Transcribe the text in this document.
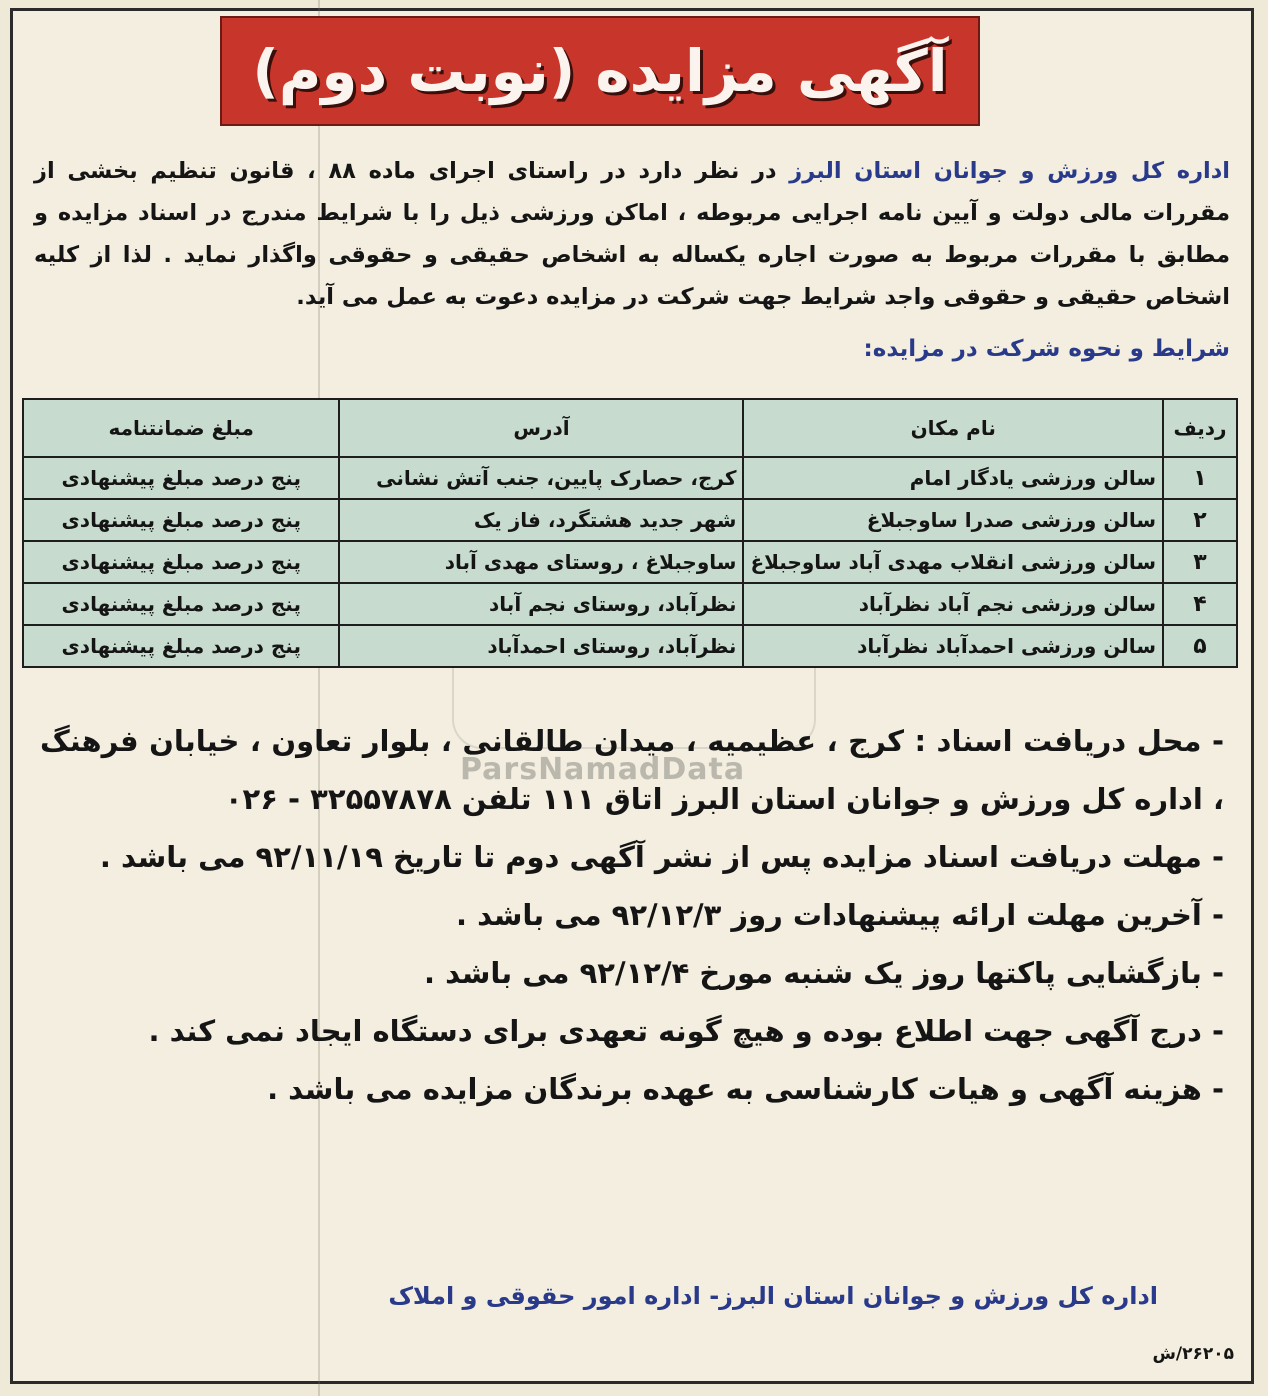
آگهی مزایده (نوبت دوم)
اداره کل ورزش و جوانان استان البرز در نظر دارد در راستای اجرای ماده ۸۸ ، قانون تنظیم بخشی از مقررات مالی دولت و آیین نامه اجرایی مربوطه ، اماکن ورزشی ذیل را با شرایط مندرج در اسناد مزایده و مطابق با مقررات مربوط به صورت اجاره یکساله به اشخاص حقیقی و حقوقی واگذار نماید . لذا از کلیه اشخاص حقیقی و حقوقی واجد شرایط جهت شرکت در مزایده دعوت به عمل می آید.
شرایط و نحوه شرکت در مزایده:
ردیف	نام مکان	آدرس	مبلغ ضمانتنامه
۱	سالن ورزشی یادگار امام	کرج، حصارک پایین، جنب آتش نشانی	پنج درصد مبلغ پیشنهادی
۲	سالن ورزشی صدرا ساوجبلاغ	شهر جدید هشتگرد، فاز یک	پنج درصد مبلغ پیشنهادی
۳	سالن ورزشی انقلاب مهدی آباد ساوجبلاغ	ساوجبلاغ ، روستای مهدی آباد	پنج درصد مبلغ پیشنهادی
۴	سالن ورزشی نجم آباد نظرآباد	نظرآباد، روستای نجم آباد	پنج درصد مبلغ پیشنهادی
۵	سالن ورزشی احمدآباد نظرآباد	نظرآباد، روستای احمدآباد	پنج درصد مبلغ پیشنهادی
ParsNamadData

- محل دریافت اسناد : کرج ، عظیمیه ، میدان طالقانی ، بلوار تعاون ، خیابان فرهنگ ، اداره کل ورزش و جوانان استان البرز اتاق ۱۱۱ تلفن ۳۲۵۵۷۸۷۸ - ۰۲۶

- مهلت دریافت اسناد مزایده پس از نشر آگهی دوم تا تاریخ ۹۲/۱۱/۱۹ می باشد .

- آخرین مهلت ارائه پیشنهادات روز ۹۲/۱۲/۳ می باشد .

- بازگشایی پاکتها روز یک شنبه مورخ ۹۲/۱۲/۴ می باشد .

- درج آگهی جهت اطلاع بوده و هیچ گونه تعهدی برای دستگاه ایجاد نمی کند .

- هزینه آگهی و هیات کارشناسی به عهده برندگان مزایده می باشد .

اداره کل ورزش و جوانان استان البرز- اداره امور حقوقی و املاک
۲۶۲۰۵/ش
